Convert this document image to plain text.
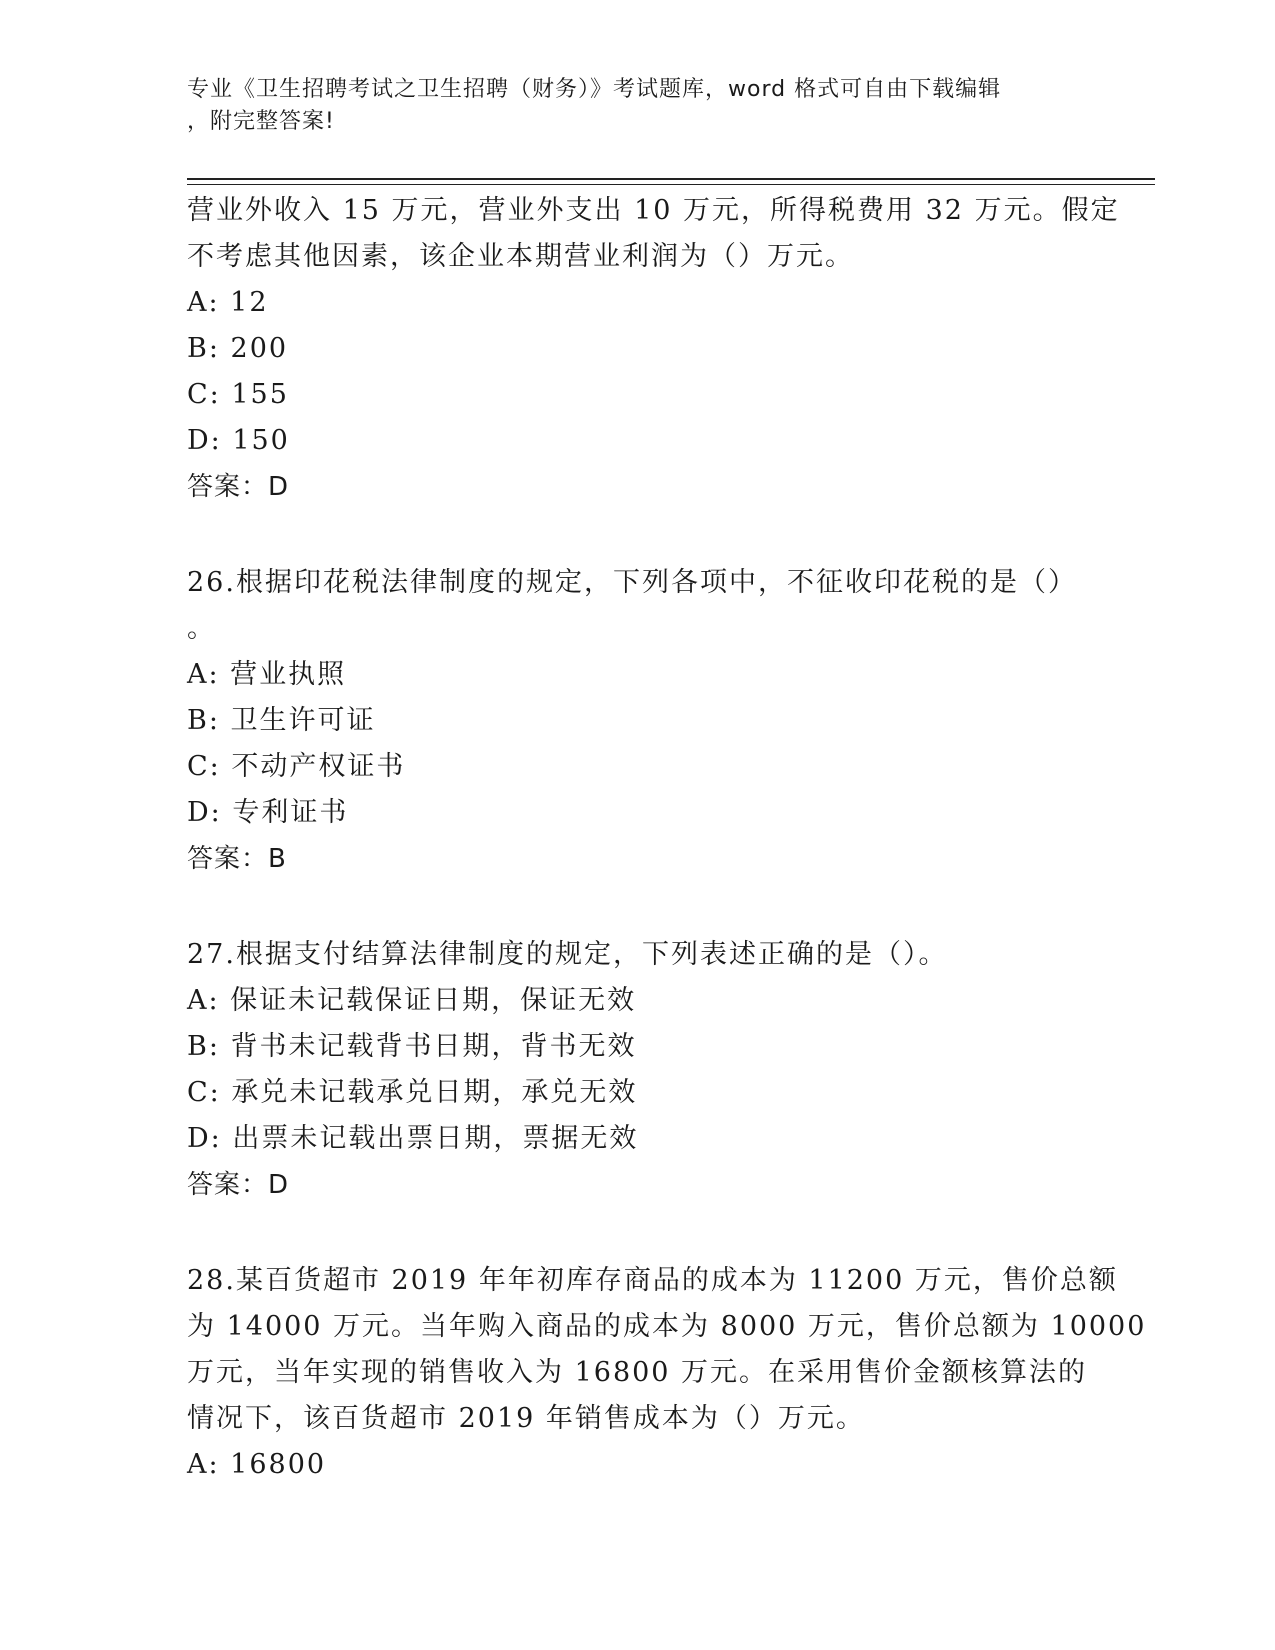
专业《卫生招聘考试之卫生招聘（财务）》考试题库，word 格式可自由下载编辑
，附完整答案!
营业外收入 15 万元，营业外支出 10 万元，所得税费用 32 万元。假定
不考虑其他因素，该企业本期营业利润为（）万元。
A: 12
B: 200
C: 155
D: 150
答案：D
26.根据印花税法律制度的规定，下列各项中，不征收印花税的是（）
。
A: 营业执照
B: 卫生许可证
C: 不动产权证书
D: 专利证书
答案：B
27.根据支付结算法律制度的规定，下列表述正确的是（）。
A: 保证未记载保证日期，保证无效
B: 背书未记载背书日期，背书无效
C: 承兑未记载承兑日期，承兑无效
D: 出票未记载出票日期，票据无效
答案：D
28.某百货超市 2019 年年初库存商品的成本为 11200 万元，售价总额
为 14000 万元。当年购入商品的成本为 8000 万元，售价总额为 10000
万元，当年实现的销售收入为 16800 万元。在采用售价金额核算法的
情况下，该百货超市 2019 年销售成本为（）万元。
A: 16800
